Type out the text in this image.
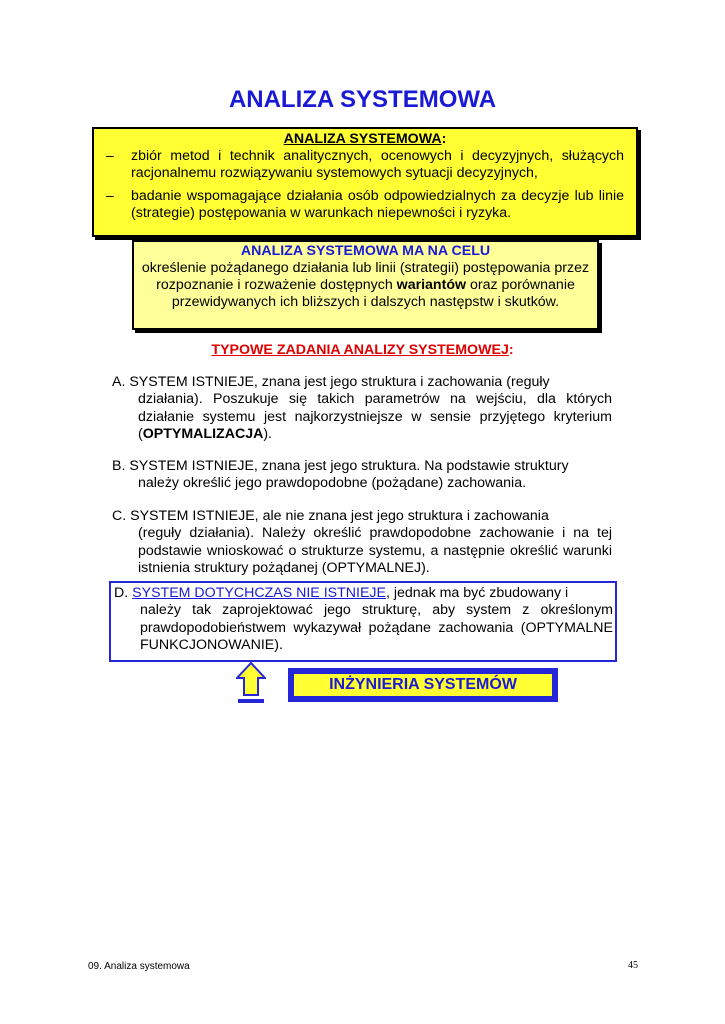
ANALIZA SYSTEMOWA
ANALIZA SYSTEMOWA:
– zbiór metod i technik analitycznych, ocenowych i decyzyjnych, służących racjonalnemu rozwiązywaniu systemowych sytuacji decyzyjnych,
– badanie wspomagające działania osób odpowiedzialnych za decyzje lub linie (strategie) postępowania w warunkach niepewności i ryzyka.
ANALIZA SYSTEMOWA MA NA CELU
określenie pożądanego działania lub linii (strategii) postępowania przez rozpoznanie i rozważenie dostępnych wariantów oraz porównanie przewidywanych ich bliższych i dalszych następstw i skutków.
TYPOWE ZADANIA ANALIZY SYSTEMOWEJ:
A. SYSTEM ISTNIEJE, znana jest jego struktura i zachowania (reguły
działania). Poszukuje się takich parametrów na wejściu, dla których działanie systemu jest najkorzystniejsze w sensie przyjętego kryterium (OPTYMALIZACJA).
B. SYSTEM ISTNIEJE, znana jest jego struktura. Na podstawie struktury
należy określić jego prawdopodobne (pożądane) zachowania.
C. SYSTEM ISTNIEJE, ale nie znana jest jego struktura i zachowania
(reguły działania). Należy określić prawdopodobne zachowanie i na tej podstawie wnioskować o strukturze systemu, a następnie określić warunki istnienia struktury pożądanej (OPTYMALNEJ).
D. SYSTEM DOTYCHCZAS NIE ISTNIEJE, jednak ma być zbudowany i
należy tak zaprojektować jego strukturę, aby system z określonym prawdopodobieństwem wykazywał pożądane zachowania (OPTYMALNE FUNKCJONOWANIE).
INŻYNIERIA SYSTEMÓW
09. Analiza systemowa	45
